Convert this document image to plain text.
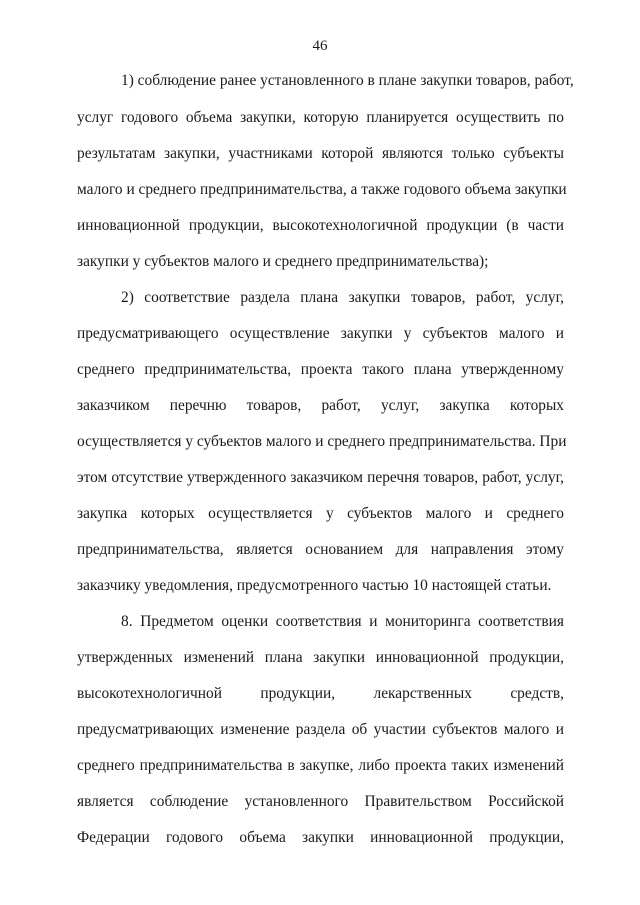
46
1) соблюдение ранее установленного в плане закупки товаров, работ,
услуг годового объема закупки, которую планируется осуществить по
результатам закупки, участниками которой являются только субъекты
малого и среднего предпринимательства, а также годового объема закупки
инновационной продукции, высокотехнологичной продукции (в части
закупки у субъектов малого и среднего предпринимательства);
2) соответствие раздела плана закупки товаров, работ, услуг,
предусматривающего осуществление закупки у субъектов малого и
среднего предпринимательства, проекта такого плана утвержденному
заказчиком перечню товаров, работ, услуг, закупка которых
осуществляется у субъектов малого и среднего предпринимательства. При
этом отсутствие утвержденного заказчиком перечня товаров, работ, услуг,
закупка которых осуществляется у субъектов малого и среднего
предпринимательства, является основанием для направления этому
заказчику уведомления, предусмотренного частью 10 настоящей статьи.
8. Предметом оценки соответствия и мониторинга соответствия
утвержденных изменений плана закупки инновационной продукции,
высокотехнологичной продукции, лекарственных средств,
предусматривающих изменение раздела об участии субъектов малого и
среднего предпринимательства в закупке, либо проекта таких изменений
является соблюдение установленного Правительством Российской
Федерации годового объема закупки инновационной продукции,
